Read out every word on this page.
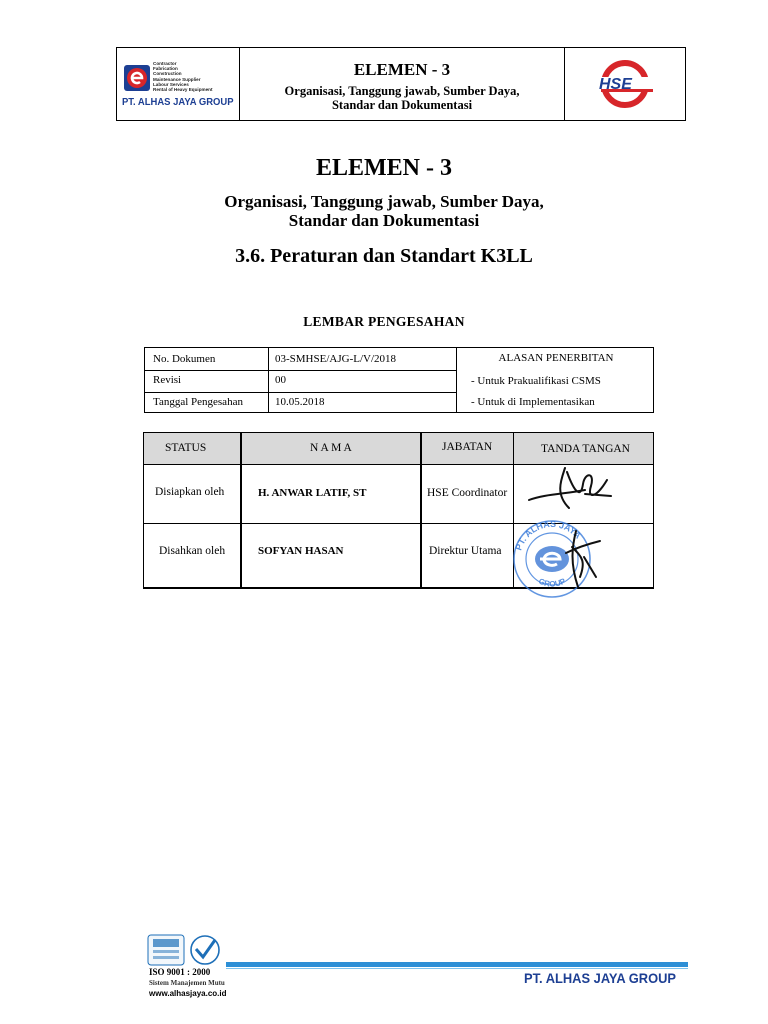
Contractor
Fabrication
Construction
Maintenance Supplier
Labour Services
Rental of Heavy Equipment
PT. ALHAS JAYA GROUP
ELEMEN - 3
Organisasi, Tanggung jawab, Sumber Daya,
Standar dan Dokumentasi
HSE
ELEMEN - 3
Organisasi, Tanggung jawab, Sumber Daya,
Standar dan Dokumentasi
3.6. Peraturan dan Standart K3LL
LEMBAR PENGESAHAN
No. Dokumen	03-SMHSE/AJG-L/V/2018
Revisi	00
Tanggal Pengesahan	10.05.2018
ALASAN PENERBITAN
- Untuk Prakualifikasi CSMS
- Untuk di Implementasikan
STATUS	N A M A	JABATAN	TANDA TANGAN
Disiapkan oleh	H. ANWAR LATIF, ST	HSE Coordinator
Disahkan oleh	SOFYAN HASAN	Direktur Utama PT. ALHAS JAYA
GROUP
ISO 9001 : 2000
Sistem Manajemen Mutu
www.alhasjaya.co.id
PT. ALHAS JAYA GROUP
